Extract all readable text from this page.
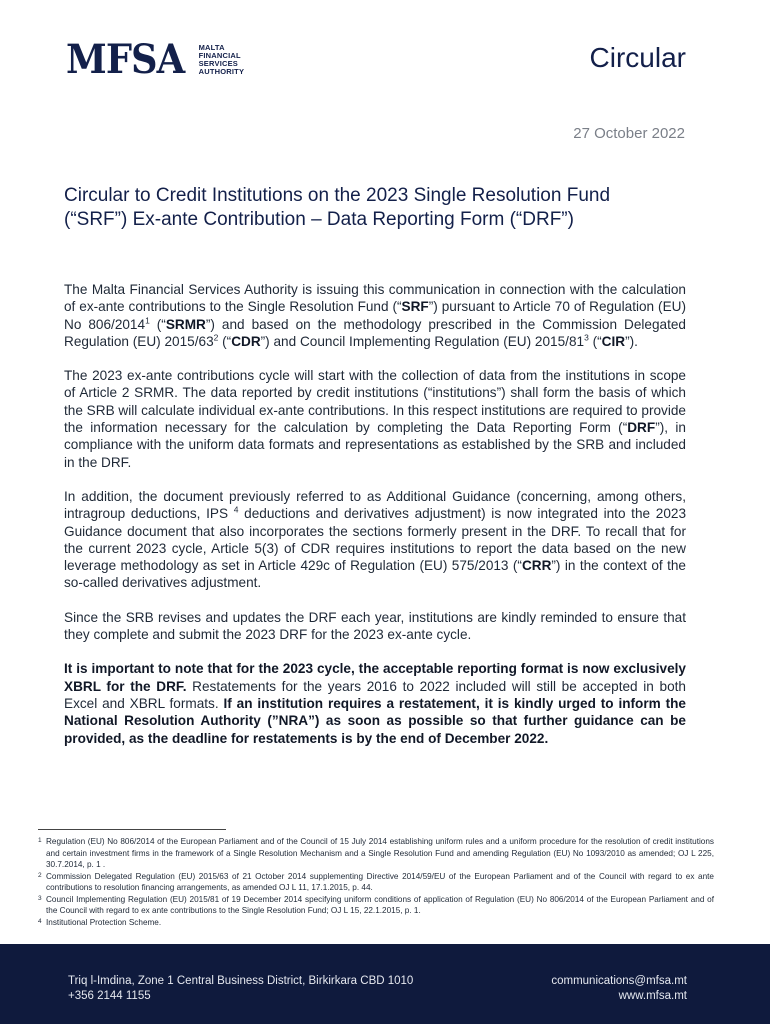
MFSA MALTA
FINANCIAL
SERVICES
AUTHORITY	Circular
27 October 2022
Circular to Credit Institutions on the 2023 Single Resolution Fund
(“SRF”) Ex-ante Contribution – Data Reporting Form (“DRF”)

The Malta Financial Services Authority is issuing this communication in connection with the calculation of ex-ante contributions to the Single Resolution Fund (“SRF”) pursuant to Article 70 of Regulation (EU) No 806/2014$^1$ (“SRMR”) and based on the methodology prescribed in the Commission Delegated Regulation (EU) $2015/63^2$ (“CDR”) and Council Implementing Regulation (EU) $2015/81^3$ (“CIR”).

The 2023 ex-ante contributions cycle will start with the collection of data from the institutions in scope of Article 2 SRMR. The data reported by credit institutions (“institutions”) shall form the basis of which the SRB will calculate individual ex-ante contributions. In this respect institutions are required to provide the information necessary for the calculation by completing the Data Reporting Form (“DRF”), in compliance with the uniform data formats and representations as established by the SRB and included in the DRF.

In addition, the document previously referred to as Additional Guidance (concerning, among others, intragroup deductions, IPS $^4$ deductions and derivatives adjustment) is now integrated into the 2023 Guidance document that also incorporates the sections formerly present in the DRF. To recall that for the current 2023 cycle, Article 5(3) of CDR requires institutions to report the data based on the new leverage methodology as set in Article 429c of Regulation (EU) 575/2013 (“CRR”) in the context of the so-called derivatives adjustment.

Since the SRB revises and updates the DRF each year, institutions are kindly reminded to ensure that they complete and submit the 2023 DRF for the 2023 ex-ante cycle.

It is important to note that for the 2023 cycle, the acceptable reporting format is now exclusively XBRL for the DRF. Restatements for the years 2016 to 2022 included will still be accepted in both Excel and XBRL formats. If an institution requires a restatement, it is kindly urged to inform the National Resolution Authority (”NRA”) as soon as possible so that further guidance can be provided, as the deadline for restatements is by the end of December 2022.

1 Regulation (EU) No 806/2014 of the European Parliament and of the Council of 15 July 2014 establishing uniform rules and a uniform procedure for the resolution of credit institutions and certain investment firms in the framework of a Single Resolution Mechanism and a Single Resolution Fund and amending Regulation (EU) No 1093/2010 as amended; OJ L 225, 30.7.2014, p. 1 .
2 Commission Delegated Regulation (EU) 2015/63 of 21 October 2014 supplementing Directive 2014/59/EU of the European Parliament and of the Council with regard to ex ante contributions to resolution financing arrangements, as amended OJ L 11, 17.1.2015, p. 44.
3 Council Implementing Regulation (EU) 2015/81 of 19 December 2014 specifying uniform conditions of application of Regulation (EU) No 806/2014 of the European Parliament and of the Council with regard to ex ante contributions to the Single Resolution Fund; OJ L 15, 22.1.2015, p. 1.
4 Institutional Protection Scheme.
Triq l-Imdina, Zone 1 Central Business District, Birkirkara CBD 1010
+356 2144 1155
communications@mfsa.mt
www.mfsa.mt
